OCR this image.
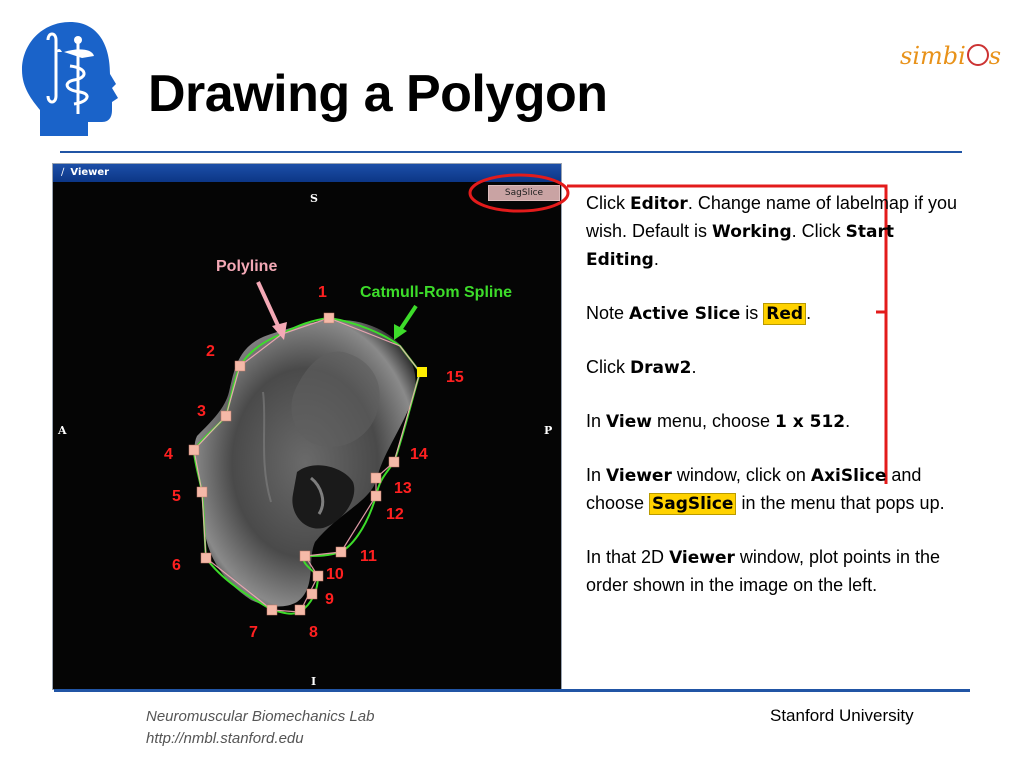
Drawing a Polygon
simbi s
∕ Viewer
SagSlice
S
I
A	P
Polyline
Catmull-Rom Spline
1
2
3
4
5
6
7	8
9
10
11
12
13
14
15

Click Editor. Change name of labelmap if you wish. Default is Working. Click Start Editing.

Note Active Slice is Red .

Click Draw2.

In View menu, choose 1 x 512.

In Viewer window, click on AxiSlice and choose SagSlice in the menu that pops up.

In that 2D Viewer window, plot points in the order shown in the image on the left.

Neuromuscular Biomechanics Lab
http://nmbl.stanford.edu
Stanford University
